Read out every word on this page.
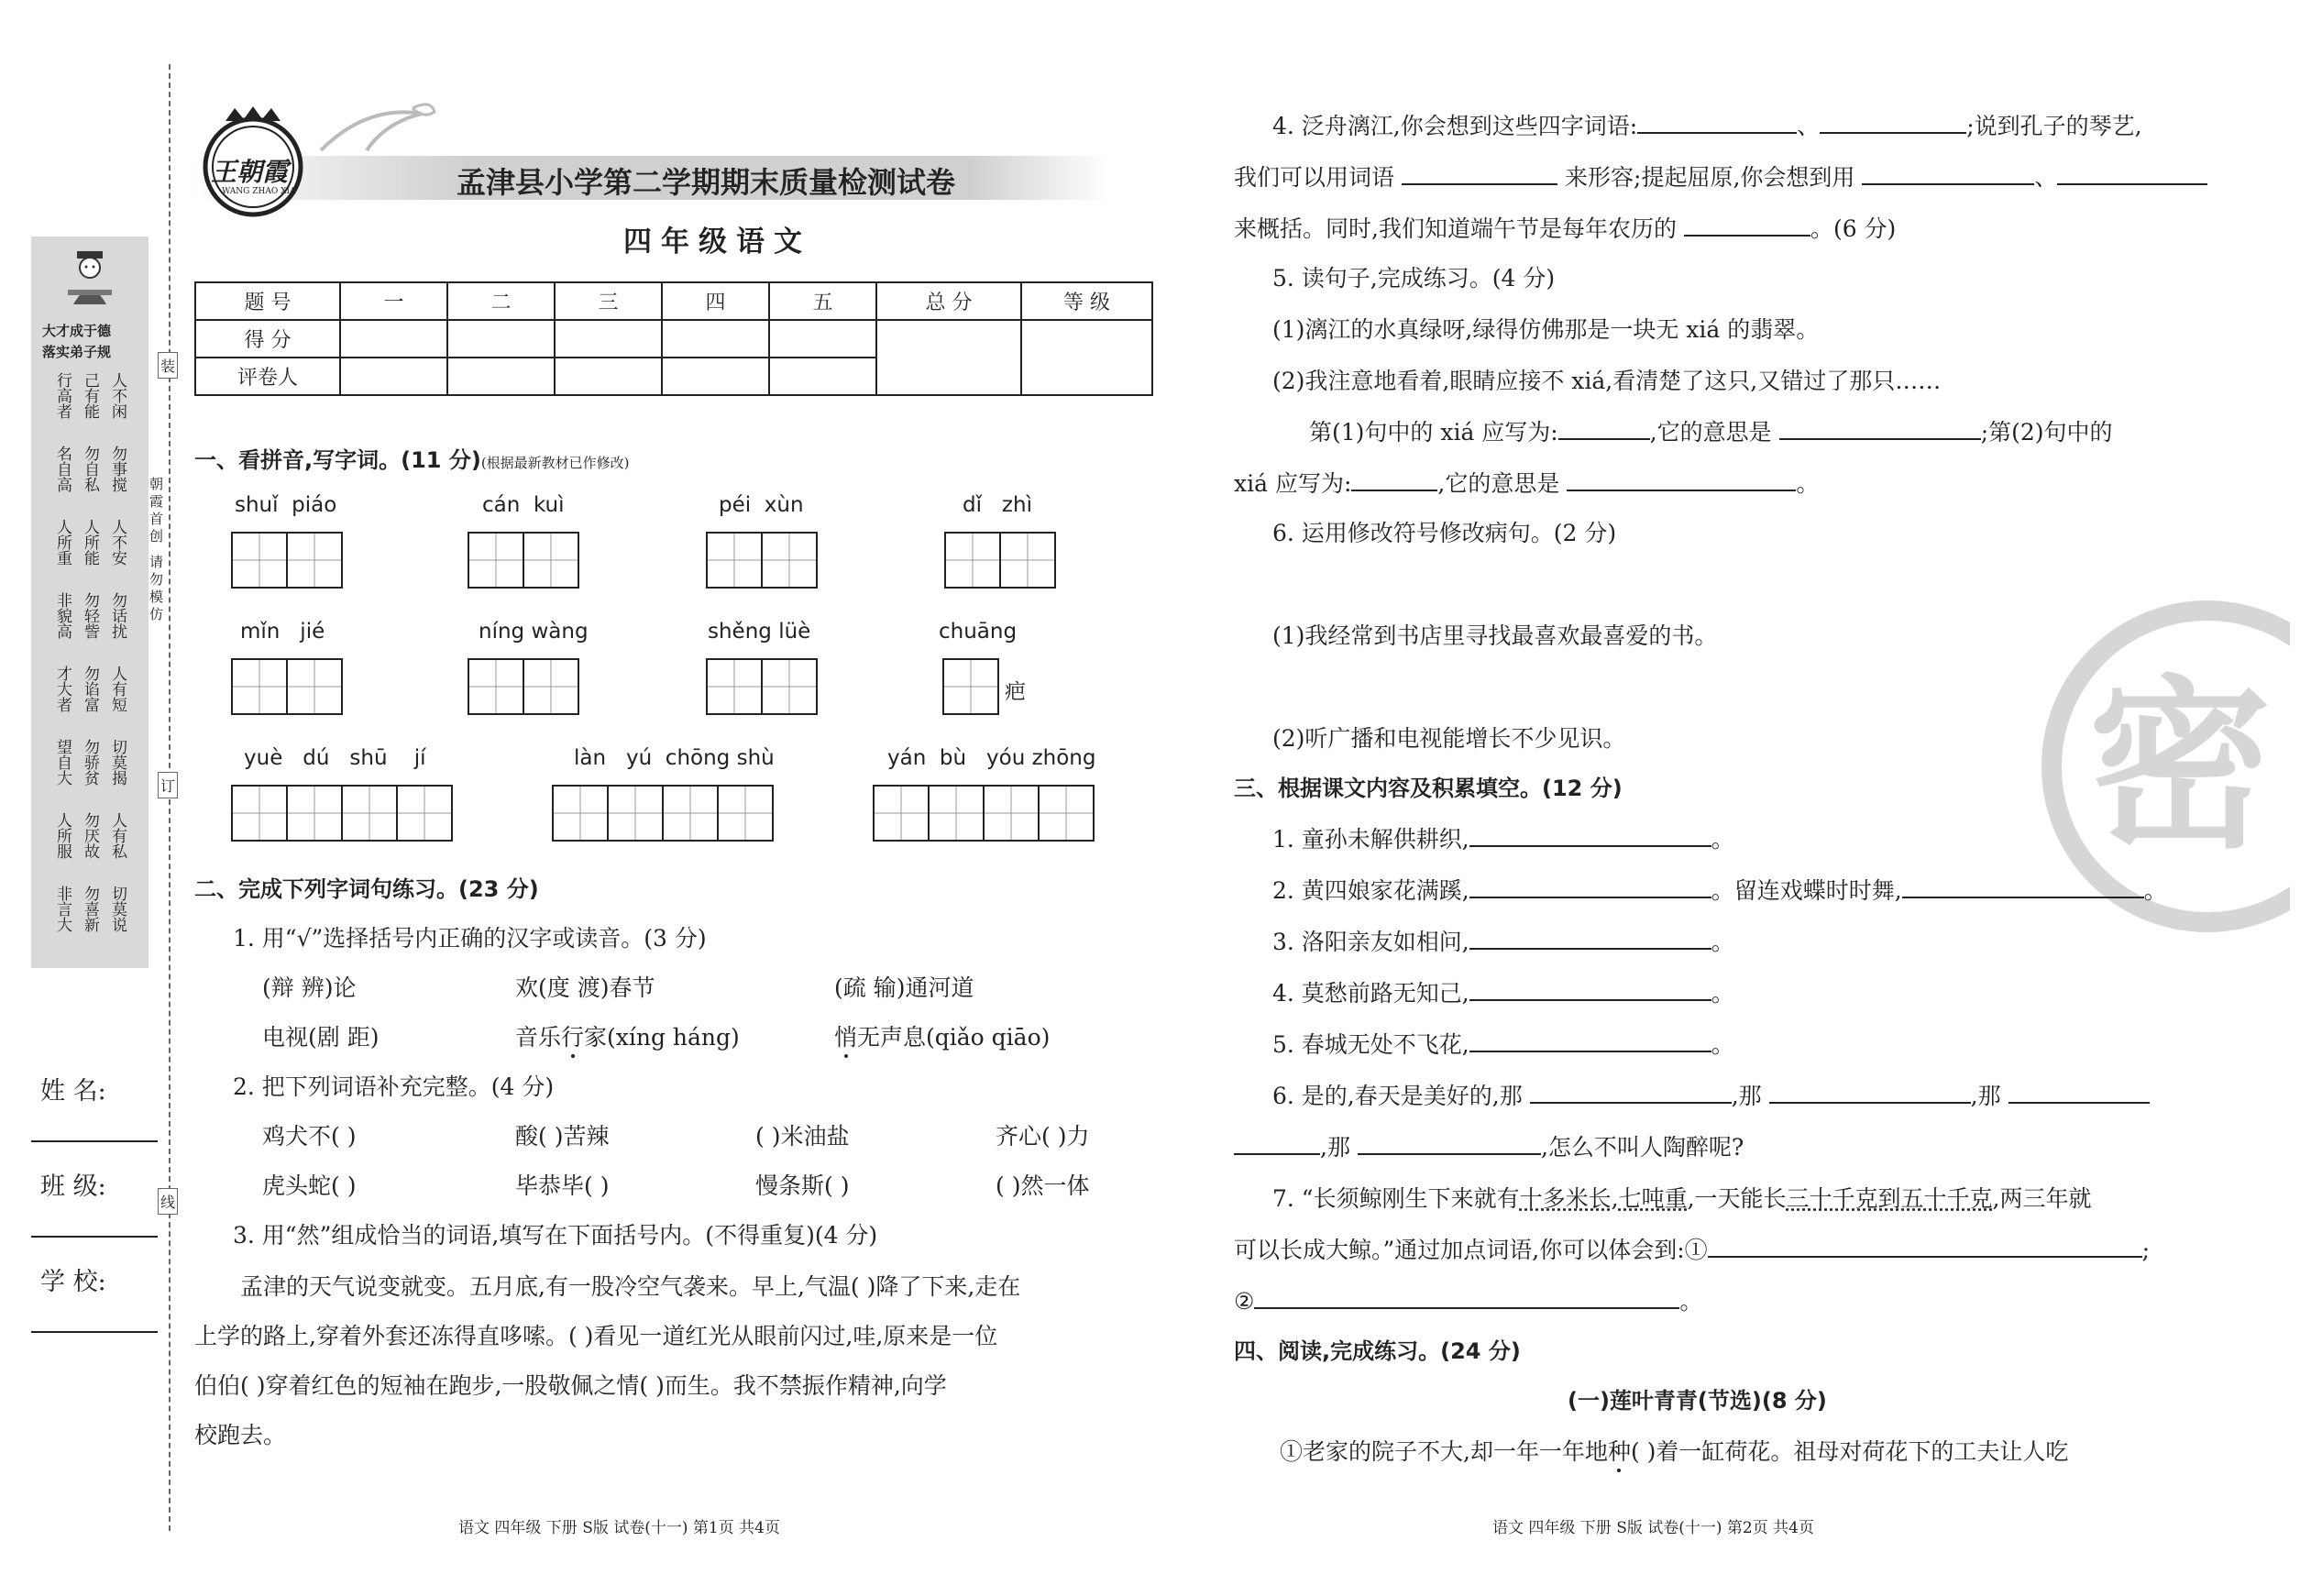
大才成于德
落实弟子规
人不闲
己有能
行高者
勿事搅
勿自私
名自高
人不安
人所能
人所重
勿话扰
勿轻訾
非貌高
人有短
勿谄富
才大者
切莫揭
勿骄贫
望自大
人有私
勿厌故
人所服
切莫说
勿喜新
非言大
装
订
线
朝霞首创 请勿模仿
姓 名:
班 级:
学 校:
王朝霞
WANG ZHAO XIA	孟津县小学第二学期期末质量检测试卷
四年级语文
题 号	一	二	三	四	五	总 分	等 级
得 分							
评卷人							
一、看拼音,写字词。(11 分)(根据最新教材已作修改)
shuǐ  piáo	cán  kuì	péi  xùn	dǐ   zhì
mǐn   jié	níng wàng	shěng lüè	chuāng
疤
yuè   dú   shū    jí	làn   yú  chōng shù	yán  bù   yóu zhōng
二、完成下列字词句练习。(23 分)
1. 用“√”选择括号内正确的汉字或读音。(3 分)
(辩 辨)论	欢(度 渡)春节	(疏 输)通河道
电视(剧 距)	音乐行家(xíng háng)	悄无声息(qiǎo qiāo)
2. 把下列词语补充完整。(4 分)
鸡犬不( )	酸( )苦辣	( )米油盐	齐心( )力
虎头蛇( )	毕恭毕( )	慢条斯( )	( )然一体
3. 用“然”组成恰当的词语,填写在下面括号内。(不得重复)(4 分)
孟津的天气说变就变。五月底,有一股冷空气袭来。早上,气温( )降了下来,走在
上学的路上,穿着外套还冻得直哆嗦。( )看见一道红光从眼前闪过,哇,原来是一位
伯伯( )穿着红色的短袖在跑步,一股敬佩之情( )而生。我不禁振作精神,向学
校跑去。
语文 四年级 下册 S版 试卷(十一) 第1页 共4页
密
4. 泛舟漓江,你会想到这些四字词语:	、	;说到孔子的琴艺,
我们可以用词语	来形容;提起屈原,你会想到用	、
来概括。同时,我们知道端午节是每年农历的	。(6 分)
5. 读句子,完成练习。(4 分)
(1)漓江的水真绿呀,绿得仿佛那是一块无 xiá 的翡翠。
(2)我注意地看着,眼睛应接不 xiá,看清楚了这只,又错过了那只……
第(1)句中的 xiá 应写为:	,它的意思是	;第(2)句中的
xiá 应写为:	,它的意思是	。
6. 运用修改符号修改病句。(2 分)
(1)我经常到书店里寻找最喜欢最喜爱的书。
(2)听广播和电视能增长不少见识。
三、根据课文内容及积累填空。(12 分)
1. 童孙未解供耕织,	。
2. 黄四娘家花满蹊,	。留连戏蝶时时舞,	。
3. 洛阳亲友如相问,	。
4. 莫愁前路无知己,	。
5. 春城无处不飞花,	。
6. 是的,春天是美好的,那	,那	,那
,那	,怎么不叫人陶醉呢?
7. “长须鲸刚生下来就有十多米长,七吨重,一天能长三十千克到五十千克,两三年就
可以长成大鲸。”通过加点词语,你可以体会到:①	;
②	。
四、阅读,完成练习。(24 分)
(一)莲叶青青(节选)(8 分)
①老家的院子不大,却一年一年地种( )着一缸荷花。祖母对荷花下的工夫让人吃
语文 四年级 下册 S版 试卷(十一) 第2页 共4页
